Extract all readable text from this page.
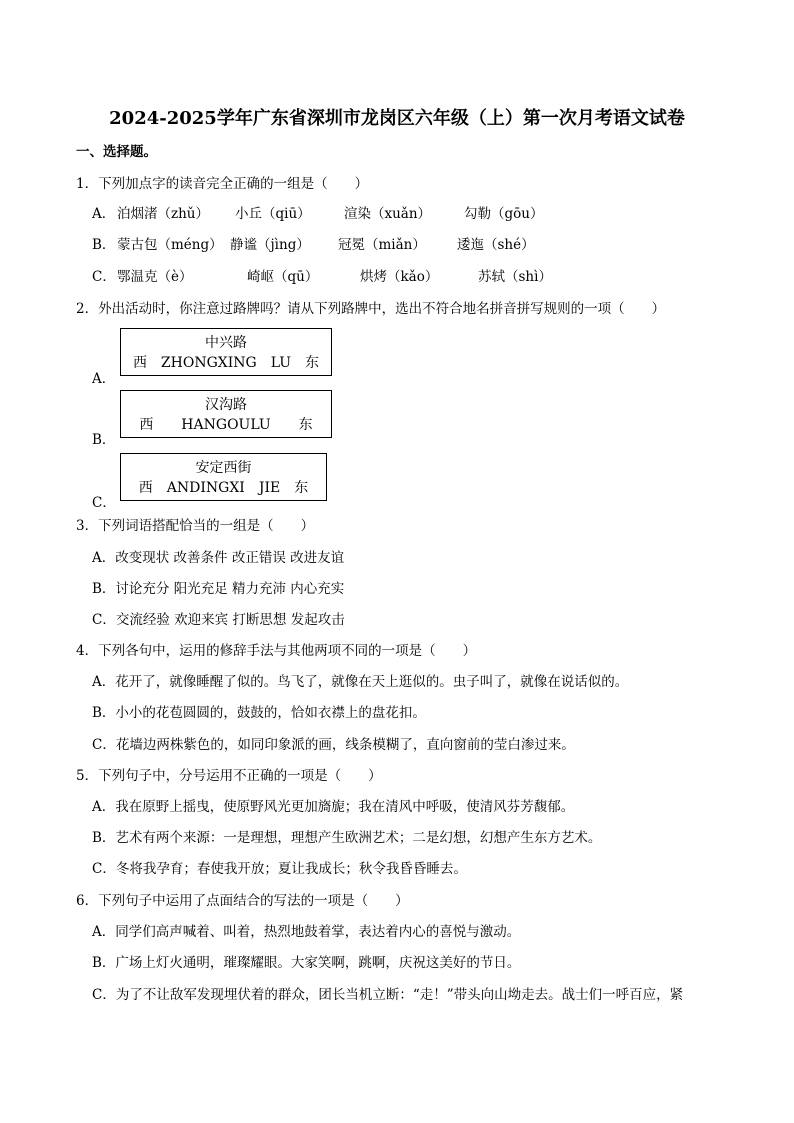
2024-2025学年广东省深圳市龙岗区六年级（上）第一次月考语文试卷
一、选择题。
1．下列加点字的读音完全正确的一组是（　　）
A． 泊烟渚（zhǔ） 小丘（qiū） 渲染（xuǎn） 勾勒（gōu）
B． 蒙古包（méng） 静谧（jìng） 冠冕（miǎn） 逶迤（shé）
C． 鄂温克（è）	崎岖（qū）	烘烤（kǎo）	苏轼（shì）
2．外出活动时，你注意过路牌吗？请从下列路牌中，选出不符合地名拼音拼写规则的一项（　　）
A．
中兴路
西　ZHONGXING　LU　东
B．
汉沟路
西　　HANGOULU　　东
C．
安定西街
西　ANDINGXI　JIE　东
3．下列词语搭配恰当的一组是（　　）
A．改变现状 改善条件 改正错误 改进友谊
B．讨论充分 阳光充足 精力充沛 内心充实
C．交流经验 欢迎来宾 打断思想 发起攻击
4．下列各句中，运用的修辞手法与其他两项不同的一项是（　　）
A．花开了，就像睡醒了似的。鸟飞了，就像在天上逛似的。虫子叫了，就像在说话似的。
B．小小的花苞圆圆的，鼓鼓的，恰如衣襟上的盘花扣。
C．花墙边两株紫色的，如同印象派的画，线条模糊了，直向窗前的莹白渗过来。
5．下列句子中，分号运用不正确的一项是（　　）
A．我在原野上摇曳，使原野风光更加旖旎；我在清风中呼吸，使清风芬芳馥郁。
B．艺术有两个来源：一是理想，理想产生欧洲艺术；二是幻想，幻想产生东方艺术。
C．冬将我孕育；春使我开放；夏让我成长；秋令我昏昏睡去。
6．下列句子中运用了点面结合的写法的一项是（　　）
A．同学们高声喊着、叫着，热烈地鼓着掌，表达着内心的喜悦与激动。
B．广场上灯火通明，璀璨耀眼。大家笑啊，跳啊，庆祝这美好的节日。
C．为了不让敌军发现埋伏着的群众，团长当机立断：“走！”带头向山坳走去。战士们一呼百应，紧
